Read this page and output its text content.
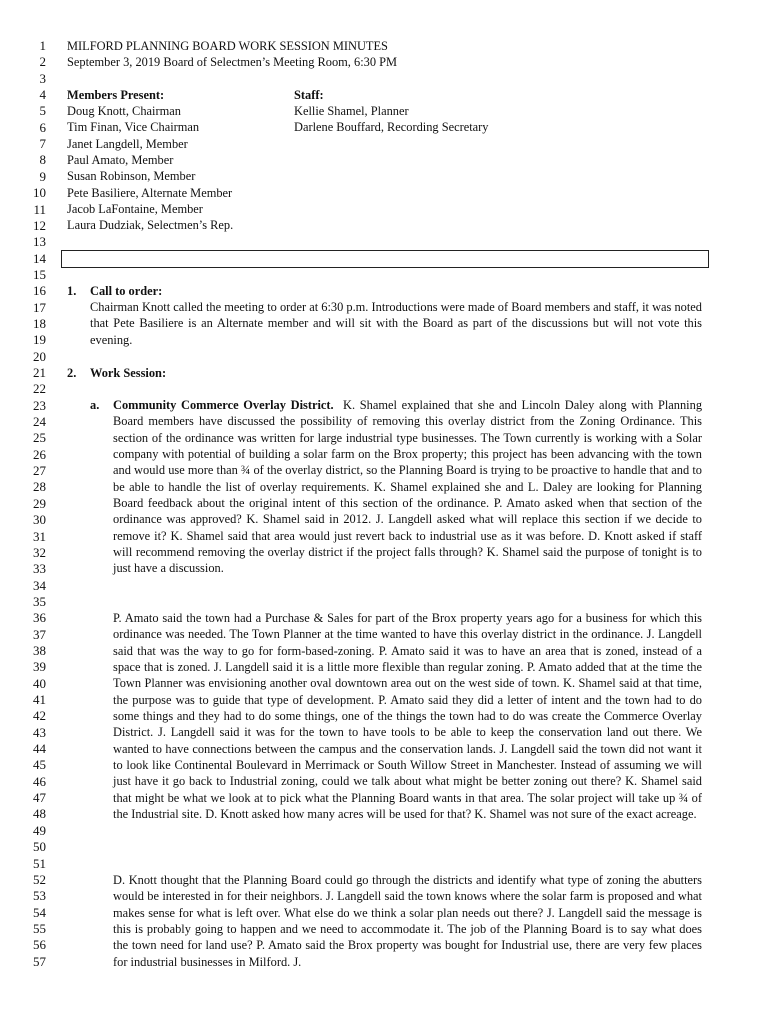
1
2
3
4
5
6
7
8
9
10
11
12
13
14
15
16
17
18
19
20
21
22
23
24
25
26
27
28
29
30
31
32
33
34
35
36
37
38
39
40
41
42
43
44
45
46
47
48
49
50
51
52
53
54
55
56
57
MILFORD PLANNING BOARD WORK SESSION MINUTES
September 3, 2019 Board of Selectmen’s Meeting Room, 6:30 PM
Members Present:
Doug Knott, Chairman
Tim Finan, Vice Chairman
Janet Langdell, Member
Paul Amato, Member
Susan Robinson, Member
Pete Basiliere, Alternate Member
Jacob LaFontaine, Member
Laura Dudziak, Selectmen’s Rep.
Staff:
Kellie Shamel, Planner
Darlene Bouffard, Recording Secretary
1. Call to order:

Chairman Knott called the meeting to order at 6:30 p.m. Introductions were made of Board members and staff, it was noted that Pete Basiliere is an Alternate member and will sit with the Board as part of the discussions but will not vote this evening.

2. Work Session:
a. Community Commerce Overlay District. K. Shamel explained that she and Lincoln Daley along with Planning Board members have discussed the possibility of removing this overlay district from the Zoning Ordinance. This section of the ordinance was written for large industrial type businesses. The Town currently is working with a Solar company with potential of building a solar farm on the Brox property; this project has been advancing with the town and would use more than ¾ of the overlay district, so the Planning Board is trying to be proactive to handle that and to be able to handle the list of overlay requirements. K. Shamel explained she and L. Daley are looking for Planning Board feedback about the original intent of this section of the ordinance. P. Amato asked when that section of the ordinance was approved? K. Shamel said in 2012. J. Langdell asked what will replace this section if we decide to remove it? K. Shamel said that area would just revert back to industrial use as it was before. D. Knott asked if staff will recommend removing the overlay district if the project falls through? K. Shamel said the purpose of tonight is to just have a discussion.

P. Amato said the town had a Purchase & Sales for part of the Brox property years ago for a business for which this ordinance was needed. The Town Planner at the time wanted to have this overlay district in the ordinance. J. Langdell said that was the way to go for form-based-zoning. P. Amato said it was to have an area that is zoned, instead of a space that is zoned. J. Langdell said it is a little more flexible than regular zoning. P. Amato added that at the time the Town Planner was envisioning another oval downtown area out on the west side of town. K. Shamel said at that time, the purpose was to guide that type of development. P. Amato said they did a letter of intent and the town had to do some things and they had to do some things, one of the things the town had to do was create the Commerce Overlay District. J. Langdell said it was for the town to have tools to be able to keep the conservation land out there. We wanted to have connections between the campus and the conservation lands. J. Langdell said the town did not want it to look like Continental Boulevard in Merrimack or South Willow Street in Manchester. Instead of assuming we will just have it go back to Industrial zoning, could we talk about what might be better zoning out there? K. Shamel said that might be what we look at to pick what the Planning Board wants in that area. The solar project will take up ¾ of the Industrial site. D. Knott asked how many acres will be used for that? K. Shamel was not sure of the exact acreage.

D. Knott thought that the Planning Board could go through the districts and identify what type of zoning the abutters would be interested in for their neighbors. J. Langdell said the town knows where the solar farm is proposed and what makes sense for what is left over. What else do we think a solar plan needs out there? J. Langdell said the message is this is probably going to happen and we need to accommodate it. The job of the Planning Board is to say what does the town need for land use? P. Amato said the Brox property was bought for Industrial use, there are very few places for industrial businesses in Milford. J.
